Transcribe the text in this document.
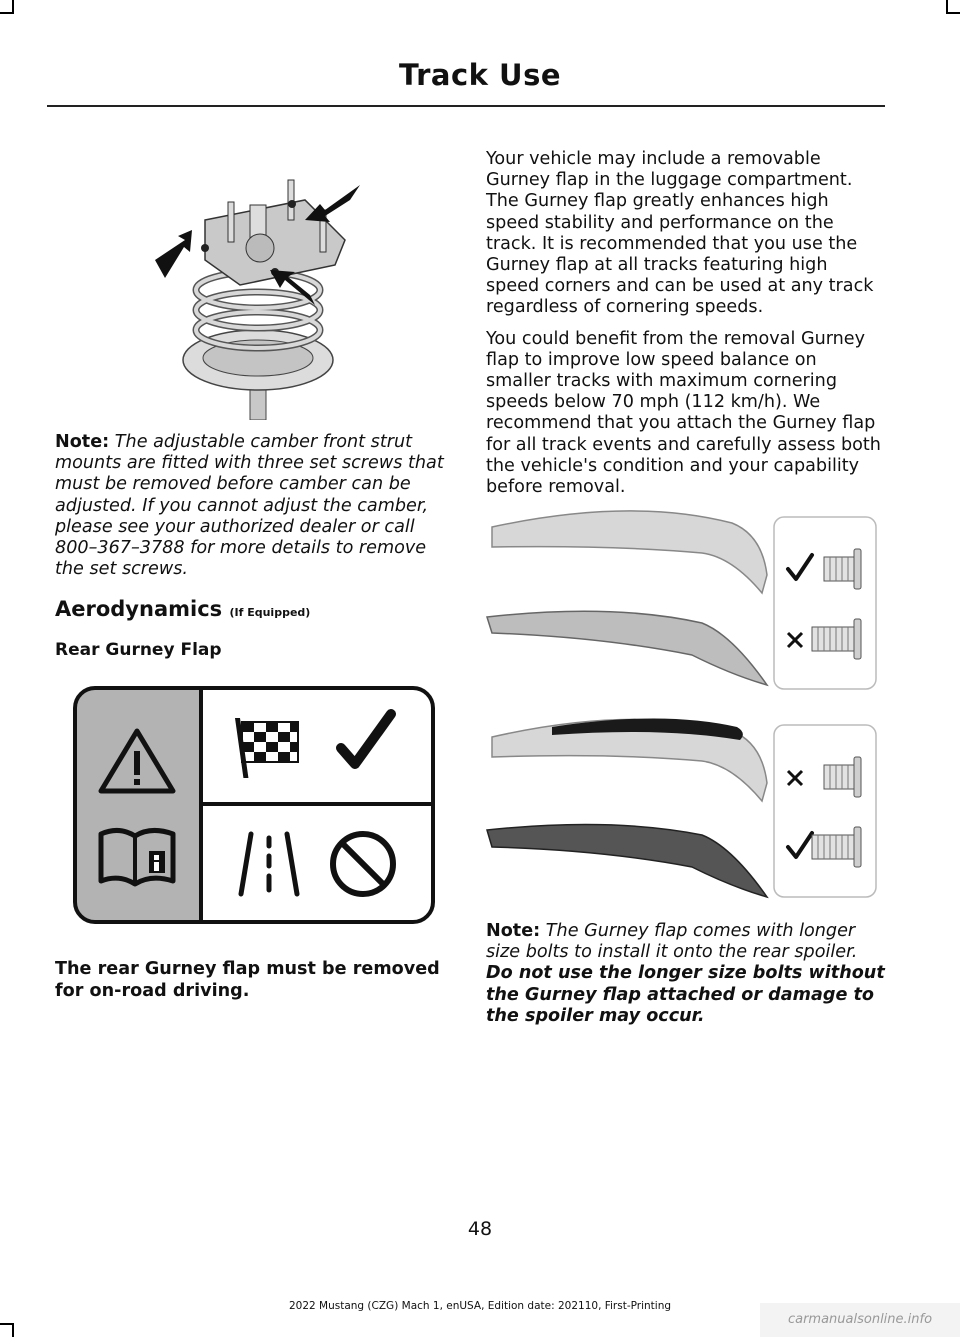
Track Use

Note: The adjustable camber front strut mounts are fitted with three set screws that must be removed before camber can be adjusted. If you cannot adjust the camber, please see your authorized dealer or call 800–367–3788 for more details to remove the set screws.

Aerodynamics (If Equipped)
Rear Gurney Flap
The rear Gurney flap must be removed for on-road driving.

Your vehicle may include a removable Gurney flap in the luggage compartment. The Gurney flap greatly enhances high speed stability and performance on the track. It is recommended that you use the Gurney flap at all tracks featuring high speed corners and can be used at any track regardless of cornering speeds.

You could benefit from the removal Gurney flap to improve low speed balance on smaller tracks with maximum cornering speeds below 70 mph (112 km/h). We recommend that you attach the Gurney flap for all track events and carefully assess both the vehicle's condition and your capability before removal.

Note: The Gurney flap comes with longer size bolts to install it onto the rear spoiler. Do not use the longer size bolts without the Gurney flap attached or damage to the spoiler may occur.

48
2022 Mustang (CZG) Mach 1, enUSA, Edition date: 202110, First-Printing
carmanualsonline.info
